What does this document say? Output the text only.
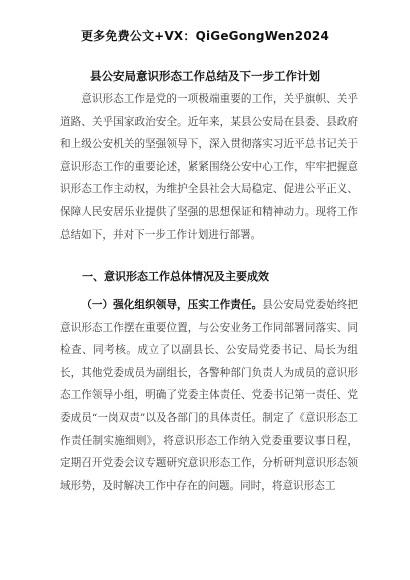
更多免费公文+VX：QiGeGongWen2024
县公安局意识形态工作总结及下一步工作计划
意识形态工作是党的一项极端重要的工作，关乎旗帜、关乎道路、关乎国家政治安全。近年来，某县公安局在县委、县政府和上级公安机关的坚强领导下，深入贯彻落实习近平总书记关于意识形态工作的重要论述，紧紧围绕公安中心工作，牢牢把握意识形态工作主动权，为维护全县社会大局稳定、促进公平正义、保障人民安居乐业提供了坚强的思想保证和精神动力。现将工作总结如下，并对下一步工作计划进行部署。
一、意识形态工作总体情况及主要成效
（一）强化组织领导，压实工作责任。县公安局党委始终把意识形态工作摆在重要位置，与公安业务工作同部署同落实、同检查、同考核。成立了以副县长、公安局党委书记、局长为组长，其他党委成员为副组长，各警种部门负责人为成员的意识形态工作领导小组，明确了党委主体责任、党委书记第一责任、党委成员“一岗双责”以及各部门的具体责任。制定了《意识形态工作责任制实施细则》，将意识形态工作纳入党委重要议事日程，定期召开党委会议专题研究意识形态工作，分析研判意识形态领域形势，及时解决工作中存在的问题。同时，将意识形态工
